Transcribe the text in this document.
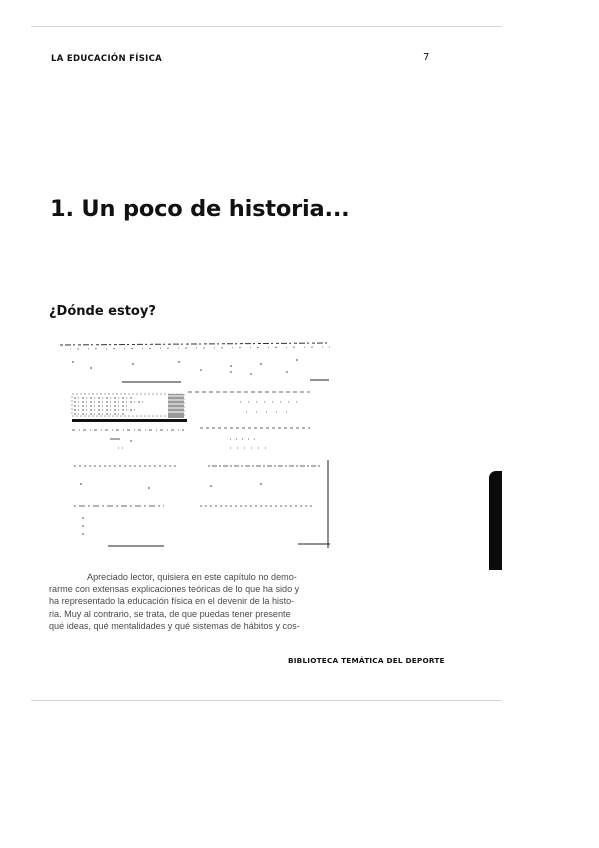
LA EDUCACIÓN FÍSICA	7
1. Un poco de historia...
¿Dónde estoy?
Apreciado lector, quisiera en este capítulo no demo-
rarme con extensas explicaciones teóricas de lo que ha sido y
ha representado la educación física en el devenir de la histo-
ria. Muy al contrario, se trata, de que puedas tener presente
qué ideas, qué mentalidades y qué sistemas de hábitos y cos-
BIBLIOTECA TEMÁTICA DEL DEPORTE
